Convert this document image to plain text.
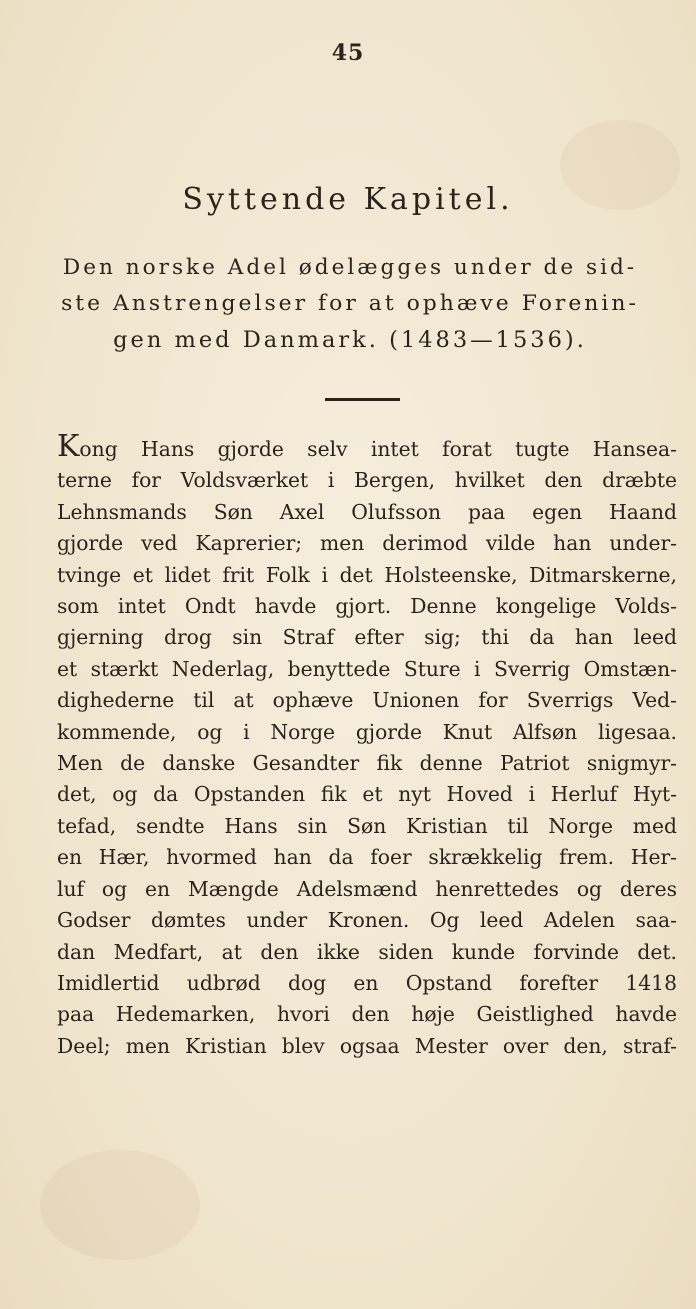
45
Syttende Kapitel.
Den norske Adel ødelægges under de sid-
ste Anstrengelser for at ophæve Forenin-
gen med Danmark. (1483—1536).
Kong Hans gjorde selv intet forat tugte Hansea-
terne for Voldsværket i Bergen, hvilket den dræbte
Lehnsmands Søn Axel Olufsson paa egen Haand
gjorde ved Kaprerier; men derimod vilde han under-
tvinge et lidet frit Folk i det Holsteenske, Ditmarskerne,
som intet Ondt havde gjort. Denne kongelige Volds-
gjerning drog sin Straf efter sig; thi da han leed
et stærkt Nederlag, benyttede Sture i Sverrig Omstæn-
dighederne til at ophæve Unionen for Sverrigs Ved-
kommende, og i Norge gjorde Knut Alfsøn ligesaa.
Men de danske Gesandter fik denne Patriot snigmyr-
det, og da Opstanden fik et nyt Hoved i Herluf Hyt-
tefad, sendte Hans sin Søn Kristian til Norge med
en Hær, hvormed han da foer skrækkelig frem. Her-
luf og en Mængde Adelsmænd henrettedes og deres
Godser dømtes under Kronen. Og leed Adelen saa-
dan Medfart, at den ikke siden kunde forvinde det.
Imidlertid udbrød dog en Opstand forefter 1418
paa Hedemarken, hvori den høje Geistlighed havde
Deel; men Kristian blev ogsaa Mester over den, straf-
